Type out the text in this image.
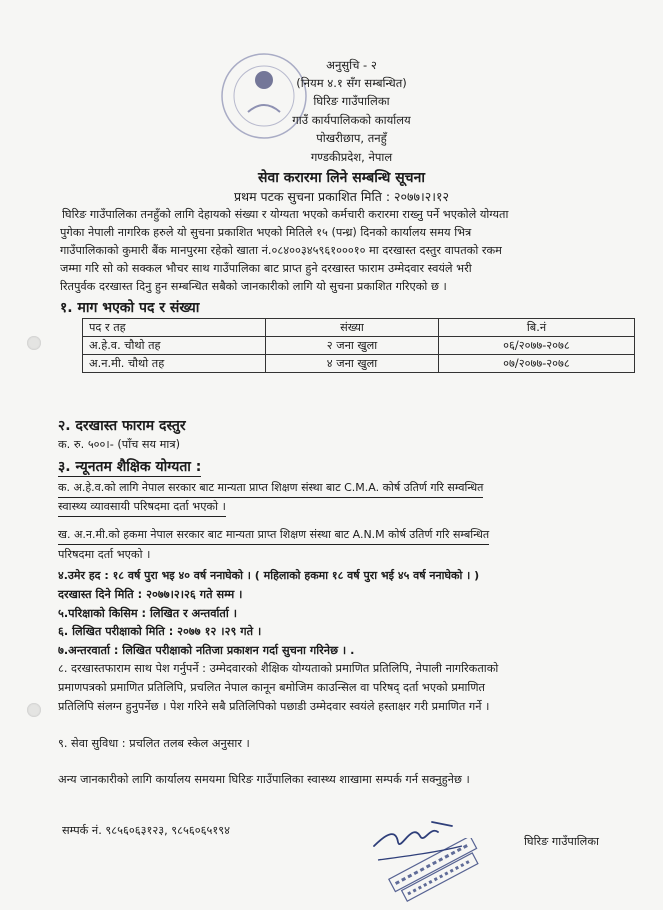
अनुसुचि - २
(नियम ४.१ सँग सम्बन्धित)
घिरिङ गाउँपालिका
गाउँ कार्यपालिकको कार्यालय
पोखरीछाप, तनहुँ
गण्डकीप्रदेश, नेपाल
सेवा करारमा लिने सम्बन्धि सूचना
प्रथम पटक सुचना प्रकाशित मिति : २०७७।२।१२
घिरिङ गाउँपालिका तनहुँको लागि देहायको संख्या र योग्यता भएको कर्मचारी करारमा राख्नु पर्ने भएकोले योग्यता
पुगेका नेपाली नागरिक हरुले यो सुचना प्रकाशित भएको मितिले १५ (पन्ध्र) दिनको कार्यालय समय भित्र
गाउँपालिकाको कुमारी बैंक मानपुरमा रहेको खाता नं.०८४००३४५९६१०००१० मा दरखास्त दस्तुर वापतको रकम
जम्मा गरि सो को सक्कल भौचर साथ गाउँपालिका बाट प्राप्त हुने दरखास्त फाराम उम्मेदवार स्वयंले भरी
रितपुर्वक दरखास्त दिनु हुन सम्बन्धित सबैको जानकारीको लागि यो सुचना प्रकाशित गरिएको छ ।
१. माग भएको पद र संख्या
पद र तह	संख्या	बि.नं
अ.हे.व. चौथो तह	२ जना खुला	०६/२०७७-२०७८
अ.न.मी. चौथो तह	४ जना खुला	०७/२०७७-२०७८
२. दरखास्त फाराम दस्तुर
क. रु. ५००।- (पाँच सय मात्र)
३. न्यूनतम शैक्षिक योग्यता :
क. अ.हे.व.को लागि नेपाल सरकार बाट मान्यता प्राप्त शिक्षण संस्था बाट C.M.A. कोर्ष उतिर्ण गरि सम्वन्धित
स्वास्थ्य व्यावसायी परिषदमा दर्ता भएको ।
ख. अ.न.मी.को हकमा नेपाल सरकार बाट मान्यता प्राप्त शिक्षण संस्था बाट A.N.M कोर्ष उतिर्ण गरि सम्बन्धित
परिषदमा दर्ता भएको ।
४.उमेर हद : १८ वर्ष पुरा भइ ४० वर्ष ननाघेको । ( महिलाको हकमा १८ वर्ष पुरा भई ४५ वर्ष ननाघेको । )
दरखास्त दिने मिति : २०७७।२।२६ गते सम्म ।
५.परिक्षाको किसिम : लिखित र अन्तर्वार्ता ।
६. लिखित परीक्षाको मिति : २०७७ १२ ।२९ गते ।
७.अन्तरवार्ता : लिखित परीक्षाको नतिजा प्रकाशन गर्दा सुचना गरिनेछ । .
८. दरखास्तफाराम साथ पेश गर्नुपर्ने : उम्मेदवारको शैक्षिक योग्यताको प्रमाणित प्रतिलिपि, नेपाली नागरिकताको
प्रमाणपत्रको प्रमाणित प्रतिलिपि, प्रचलित नेपाल कानून बमोजिम काउन्सिल वा परिषद् दर्ता भएको प्रमाणित
प्रतिलिपि संलग्न हुनुपर्नेछ । पेश गरिने सबै प्रतिलिपिको पछाडी उम्मेदवार स्वयंले हस्ताक्षर गरी प्रमाणित गर्ने ।
९. सेवा सुविधा : प्रचलित तलब स्केल अनुसार ।
अन्य जानकारीको लागि कार्यालय समयमा घिरिङ गाउँपालिका स्वास्थ्य शाखामा सम्पर्क गर्न सक्नुहुनेछ ।
सम्पर्क नं. ९८५६०६३१२३, ९८५६०६५१९४
घिरिङ गाउँपालिका
